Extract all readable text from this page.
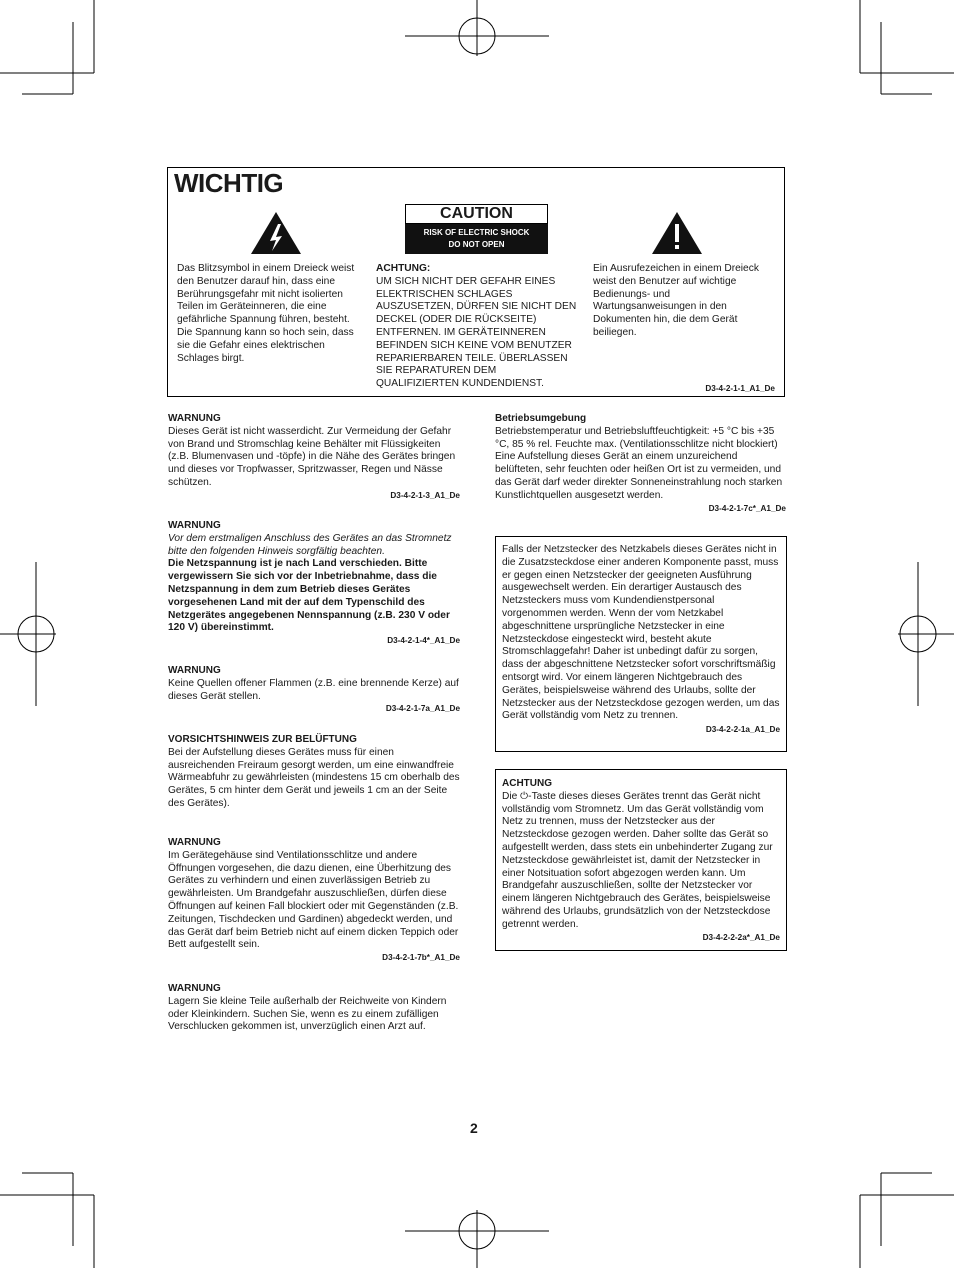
WICHTIG
CAUTION
RISK OF ELECTRIC SHOCK
DO NOT OPEN
Das Blitzsymbol in einem Dreieck weist den Benutzer darauf hin, dass eine Berührungsgefahr mit nicht isolierten Teilen im Geräteinneren, die eine gefährliche Spannung führen, besteht. Die Spannung kann so hoch sein, dass sie die Gefahr eines elektrischen Schlages birgt.

ACHTUNG:

UM SICH NICHT DER GEFAHR EINES ELEKTRISCHEN SCHLAGES AUSZUSETZEN, DÜRFEN SIE NICHT DEN DECKEL (ODER DIE RÜCKSEITE) ENTFERNEN. IM GERÄTEINNEREN BEFINDEN SICH KEINE VOM BENUTZER REPARIERBAREN TEILE. ÜBERLASSEN SIE REPARATUREN DEM QUALIFIZIERTEN KUNDENDIENST.

Ein Ausrufezeichen in einem Dreieck weist den Benutzer auf wichtige Bedienungs- und Wartungsanweisungen in den Dokumenten hin, die dem Gerät beiliegen.
D3-4-2-1-1_A1_De

WARNUNG

Dieses Gerät ist nicht wasserdicht. Zur Vermeidung der Gefahr von Brand und Stromschlag keine Behälter mit Flüssigkeiten (z.B. Blumenvasen und -töpfe) in die Nähe des Gerätes bringen und dieses vor Tropfwasser, Spritzwasser, Regen und Nässe schützen.

D3-4-2-1-3_A1_De

WARNUNG

Vor dem erstmaligen Anschluss des Gerätes an das Stromnetz bitte den folgenden Hinweis sorgfältig beachten.

Die Netzspannung ist je nach Land verschieden. Bitte vergewissern Sie sich vor der Inbetriebnahme, dass die Netzspannung in dem zum Betrieb dieses Gerätes vorgesehenen Land mit der auf dem Typenschild des Netzgerätes angegebenen Nennspannung (z.B. 230 V oder 120 V) übereinstimmt.

D3-4-2-1-4*_A1_De

WARNUNG

Keine Quellen offener Flammen (z.B. eine brennende Kerze) auf dieses Gerät stellen.

D3-4-2-1-7a_A1_De

VORSICHTSHINWEIS ZUR BELÜFTUNG

Bei der Aufstellung dieses Gerätes muss für einen ausreichenden Freiraum gesorgt werden, um eine einwandfreie Wärmeabfuhr zu gewährleisten (mindestens 15 cm oberhalb des Gerätes, 5 cm hinter dem Gerät und jeweils 1 cm an der Seite des Gerätes).

WARNUNG

Im Gerätegehäuse sind Ventilationsschlitze und andere Öffnungen vorgesehen, die dazu dienen, eine Überhitzung des Gerätes zu verhindern und einen zuverlässigen Betrieb zu gewährleisten. Um Brandgefahr auszuschließen, dürfen diese Öffnungen auf keinen Fall blockiert oder mit Gegenständen (z.B. Zeitungen, Tischdecken und Gardinen) abgedeckt werden, und das Gerät darf beim Betrieb nicht auf einem dicken Teppich oder Bett aufgestellt sein.

D3-4-2-1-7b*_A1_De

WARNUNG

Lagern Sie kleine Teile außerhalb der Reichweite von Kindern oder Kleinkindern. Suchen Sie, wenn es zu einem zufälligen Verschlucken gekommen ist, unverzüglich einen Arzt auf.

Betriebsumgebung

Betriebstemperatur und Betriebsluftfeuchtigkeit: +5 °C bis +35 °C, 85 % rel. Feuchte max. (Ventilationsschlitze nicht blockiert)

Eine Aufstellung dieses Gerät an einem unzureichend belüfteten, sehr feuchten oder heißen Ort ist zu vermeiden, und das Gerät darf weder direkter Sonneneinstrahlung noch starken Kunstlichtquellen ausgesetzt werden.

D3-4-2-1-7c*_A1_De

Falls der Netzstecker des Netzkabels dieses Gerätes nicht in die Zusatzsteckdose einer anderen Komponente passt, muss er gegen einen Netzstecker der geeigneten Ausführung ausgewechselt werden. Ein derartiger Austausch des Netzsteckers muss vom Kundendienstpersonal vorgenommen werden. Wenn der vom Netzkabel abgeschnittene ursprüngliche Netzstecker in eine Netzsteckdose eingesteckt wird, besteht akute Stromschlaggefahr! Daher ist unbedingt dafür zu sorgen, dass der abgeschnittene Netzstecker sofort vorschriftsmäßig entsorgt wird. Vor einem längeren Nichtgebrauch des Gerätes, beispielsweise während des Urlaubs, sollte der Netzstecker aus der Netzsteckdose gezogen werden, um das Gerät vollständig vom Netz zu trennen.

D3-4-2-2-1a_A1_De

ACHTUNG

Die ⏻-Taste dieses dieses Gerätes trennt das Gerät nicht vollständig vom Stromnetz. Um das Gerät vollständig vom Netz zu trennen, muss der Netzstecker aus der Netzsteckdose gezogen werden. Daher sollte das Gerät so aufgestellt werden, dass stets ein unbehinderter Zugang zur Netzsteckdose gewährleistet ist, damit der Netzstecker in einer Notsituation sofort abgezogen werden kann. Um Brandgefahr auszuschließen, sollte der Netzstecker vor einem längeren Nichtgebrauch des Gerätes, beispielsweise während des Urlaubs, grundsätzlich von der Netzsteckdose getrennt werden.

D3-4-2-2-2a*_A1_De

2
